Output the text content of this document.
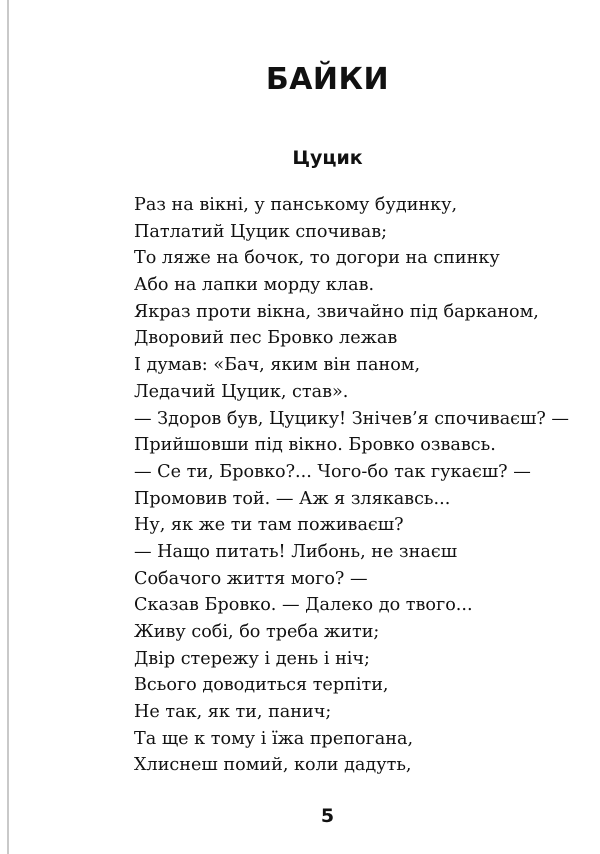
БАЙКИ
Цуцик
Раз на вікні, у панському будинку,
Патлатий Цуцик спочивав;
То ляже на бочок, то догори на спинку
Або на лапки морду клав.
Якраз проти вікна, звичайно під барканом,
Дворовий пес Бровко лежав
І думав: «Бач, яким він паном,
Ледачий Цуцик, став».
— Здоров був, Цуцику! Знічев’я спочиваєш? —
Прийшовши під вікно. Бровко озвавсь.
— Се ти, Бровко?... Чого-бо так гукаєш? —
Промовив той. — Аж я злякавсь...
Ну, як же ти там поживаєш?
— Нащо питать! Либонь, не знаєш
Собачого життя мого? —
Сказав Бровко. — Далеко до твого...
Живу собі, бо треба жити;
Двір стережу і день і ніч;
Всього доводиться терпіти,
Не так, як ти, панич;
Та ще к тому і їжа препогана,
Хлиснеш помий, коли дадуть,
5
